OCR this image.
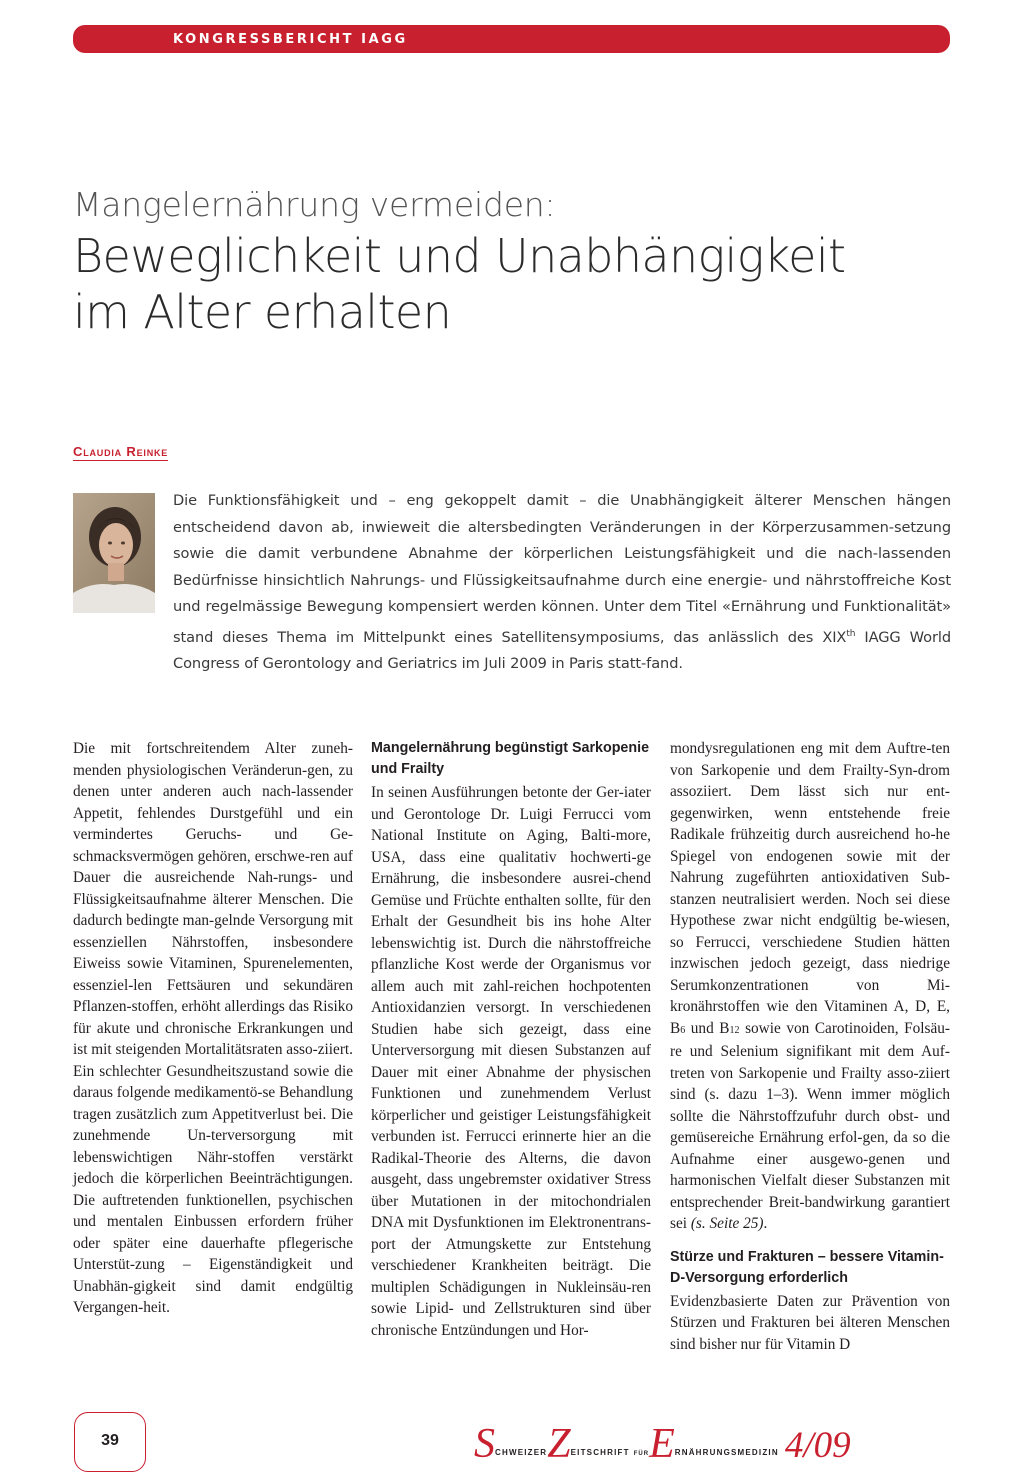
KONGRESSBERICHT IAGG
Mangelernährung vermeiden:
Beweglichkeit und Unabhängigkeit
im Alter erhalten
Claudia Reinke
Die Funktionsfähigkeit und – eng gekoppelt damit – die Unabhängigkeit älterer Menschen hängen entscheidend davon ab, inwieweit die altersbedingten Veränderungen in der Körperzusammen-setzung sowie die damit verbundene Abnahme der körperlichen Leistungsfähigkeit und die nach-lassenden Bedürfnisse hinsichtlich Nahrungs- und Flüssigkeitsaufnahme durch eine energie- und nährstoffreiche Kost und regelmässige Bewegung kompensiert werden können. Unter dem Titel «Ernährung und Funktionalität» stand dieses Thema im Mittelpunkt eines Satellitensymposiums, das anlässlich des XIXth IAGG World Congress of Gerontology and Geriatrics im Juli 2009 in Paris statt-fand.

Die mit fortschreitendem Alter zuneh-menden physiologischen Veränderun-gen, zu denen unter anderen auch nach-lassender Appetit, fehlendes Durstgefühl und ein vermindertes Geruchs- und Ge-schmacksvermögen gehören, erschwe-ren auf Dauer die ausreichende Nah-rungs- und Flüssigkeitsaufnahme älterer Menschen. Die dadurch bedingte man-gelnde Versorgung mit essenziellen Nährstoffen, insbesondere Eiweiss sowie Vitaminen, Spurenelementen, essenziel-len Fettsäuren und sekundären Pflanzen-stoffen, erhöht allerdings das Risiko für akute und chronische Erkrankungen und ist mit steigenden Mortalitätsraten asso-ziiert. Ein schlechter Gesundheitszustand sowie die daraus folgende medikamentö-se Behandlung tragen zusätzlich zum Appetitverlust bei. Die zunehmende Un-terversorgung mit lebenswichtigen Nähr-stoffen verstärkt jedoch die körperlichen Beeinträchtigungen. Die auftretenden funktionellen, psychischen und mentalen Einbussen erfordern früher oder später eine dauerhafte pflegerische Unterstüt-zung – Eigenständigkeit und Unabhän-gigkeit sind damit endgültig Vergangen-heit.

Mangelernährung begünstigt Sarkopenie und Frailty

In seinen Ausführungen betonte der Ger-iater und Gerontologe Dr. Luigi Ferrucci vom National Institute on Aging, Balti-more, USA, dass eine qualitativ hochwerti-ge Ernährung, die insbesondere ausrei-chend Gemüse und Früchte enthalten sollte, für den Erhalt der Gesundheit bis ins hohe Alter lebenswichtig ist. Durch die nährstoffreiche pflanzliche Kost werde der Organismus vor allem auch mit zahl-reichen hochpotenten Antioxidanzien versorgt. In verschiedenen Studien habe sich gezeigt, dass eine Unterversorgung mit diesen Substanzen auf Dauer mit einer Abnahme der physischen Funktionen und zunehmendem Verlust körperlicher und geistiger Leistungsfähigkeit verbunden ist. Ferrucci erinnerte hier an die Radikal-Theorie des Alterns, die davon ausgeht, dass ungebremster oxidativer Stress über Mutationen in der mitochondrialen DNA mit Dysfunktionen im Elektronentrans-port der Atmungskette zur Entstehung verschiedener Krankheiten beiträgt. Die multiplen Schädigungen in Nukleinsäu-ren sowie Lipid- und Zellstrukturen sind über chronische Entzündungen und Hor-

mondysregulationen eng mit dem Auftre-ten von Sarkopenie und dem Frailty-Syn-drom assoziiert. Dem lässt sich nur ent-gegenwirken, wenn entstehende freie Radikale frühzeitig durch ausreichend ho-he Spiegel von endogenen sowie mit der Nahrung zugeführten antioxidativen Sub-stanzen neutralisiert werden. Noch sei diese Hypothese zwar nicht endgültig be-wiesen, so Ferrucci, verschiedene Studien hätten inzwischen jedoch gezeigt, dass niedrige Serumkonzentrationen von Mi-kronährstoffen wie den Vitaminen A, D, E, B6 und B12 sowie von Carotinoiden, Folsäu-re und Selenium signifikant mit dem Auf-treten von Sarkopenie und Frailty asso-ziiert sind (s. dazu 1–3). Wenn immer möglich sollte die Nährstoffzufuhr durch obst- und gemüsereiche Ernährung erfol-gen, da so die Aufnahme einer ausgewo-genen und harmonischen Vielfalt dieser Substanzen mit entsprechender Breit-bandwirkung garantiert sei (s. Seite 25).

Stürze und Frakturen – bessere Vitamin-D-Versorgung erforderlich

Evidenzbasierte Daten zur Prävention von Stürzen und Frakturen bei älteren Menschen sind bisher nur für Vitamin D

39	SCHWEIZERZEITSCHRIFT FÜRERNÄHRUNGSMEDIZIN 4/09
